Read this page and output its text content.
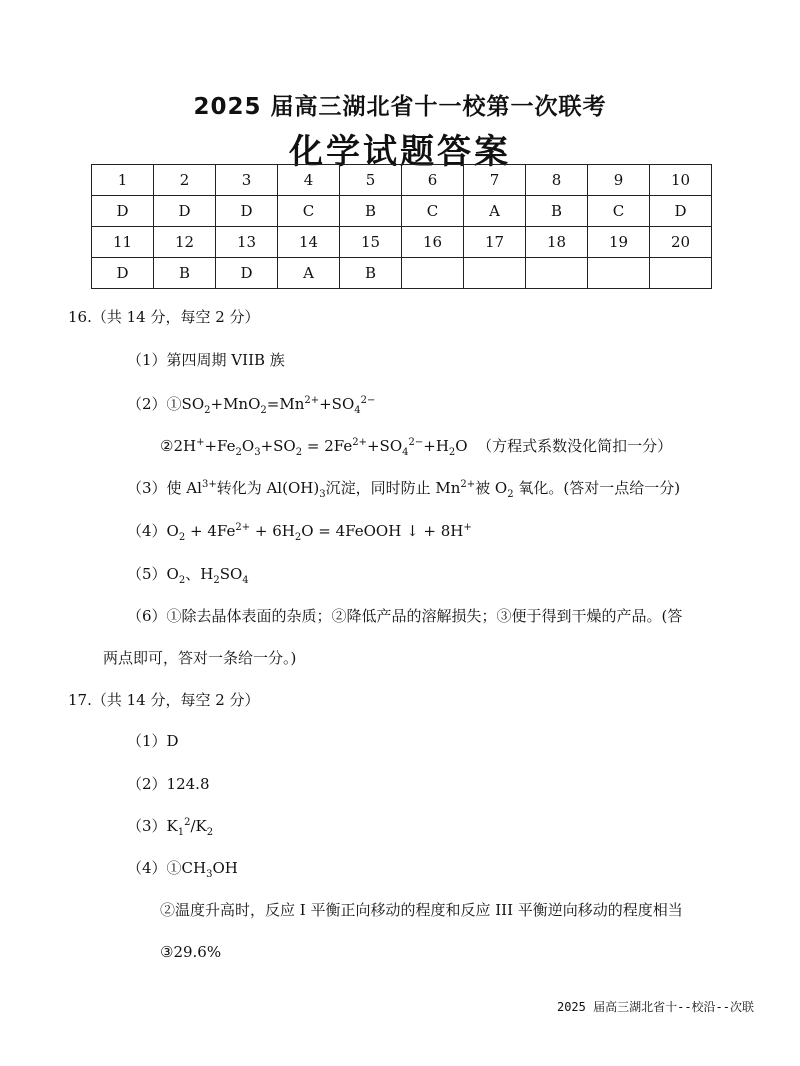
2025 届高三湖北省十一校第一次联考
化学试题答案
1	2	3	4	5	6	7	8	9	10
D	D	D	C	B	C	A	B	C	D
11	12	13	14	15	16	17	18	19	20
D	B	D	A	B					
16.（共 14 分，每空 2 分）
（1）第四周期 VIIB 族
$(2)①SO_2+MnO_2=Mn^{2+}+SO_4^{2-}$
$②2H^++Fe_2O_3+SO_2 = 2Fe^{2+}+SO_4^{2-}+H_2O$ （方程式系数没化简扣一分）
（3）使 $Al^{3+}$转化为 $Al(OH)_3$沉淀，同时防止 $Mn^{2+}$被 $O_2$ 氧化。(答对一点给一分)
$(4)O_2 + 4Fe^{2+} + 6H_2O$ = 4FeOOH ↓ + 8H+
$(5)O_2$、$H_2SO_4$
（6）①除去晶体表面的杂质；②降低产品的溶解损失；③便于得到干燥的产品。(答
两点即可，答对一条给一分。)
17.（共 14 分，每空 2 分）
（1）D
（2）124.8
$(3)K_1^2/K_2$
$(4)①CH_3OH$
②温度升高时，反应 I 平衡正向移动的程度和反应 III 平衡逆向移动的程度相当
③29.6%
2025 届高三湖北省十--校沿--次联
